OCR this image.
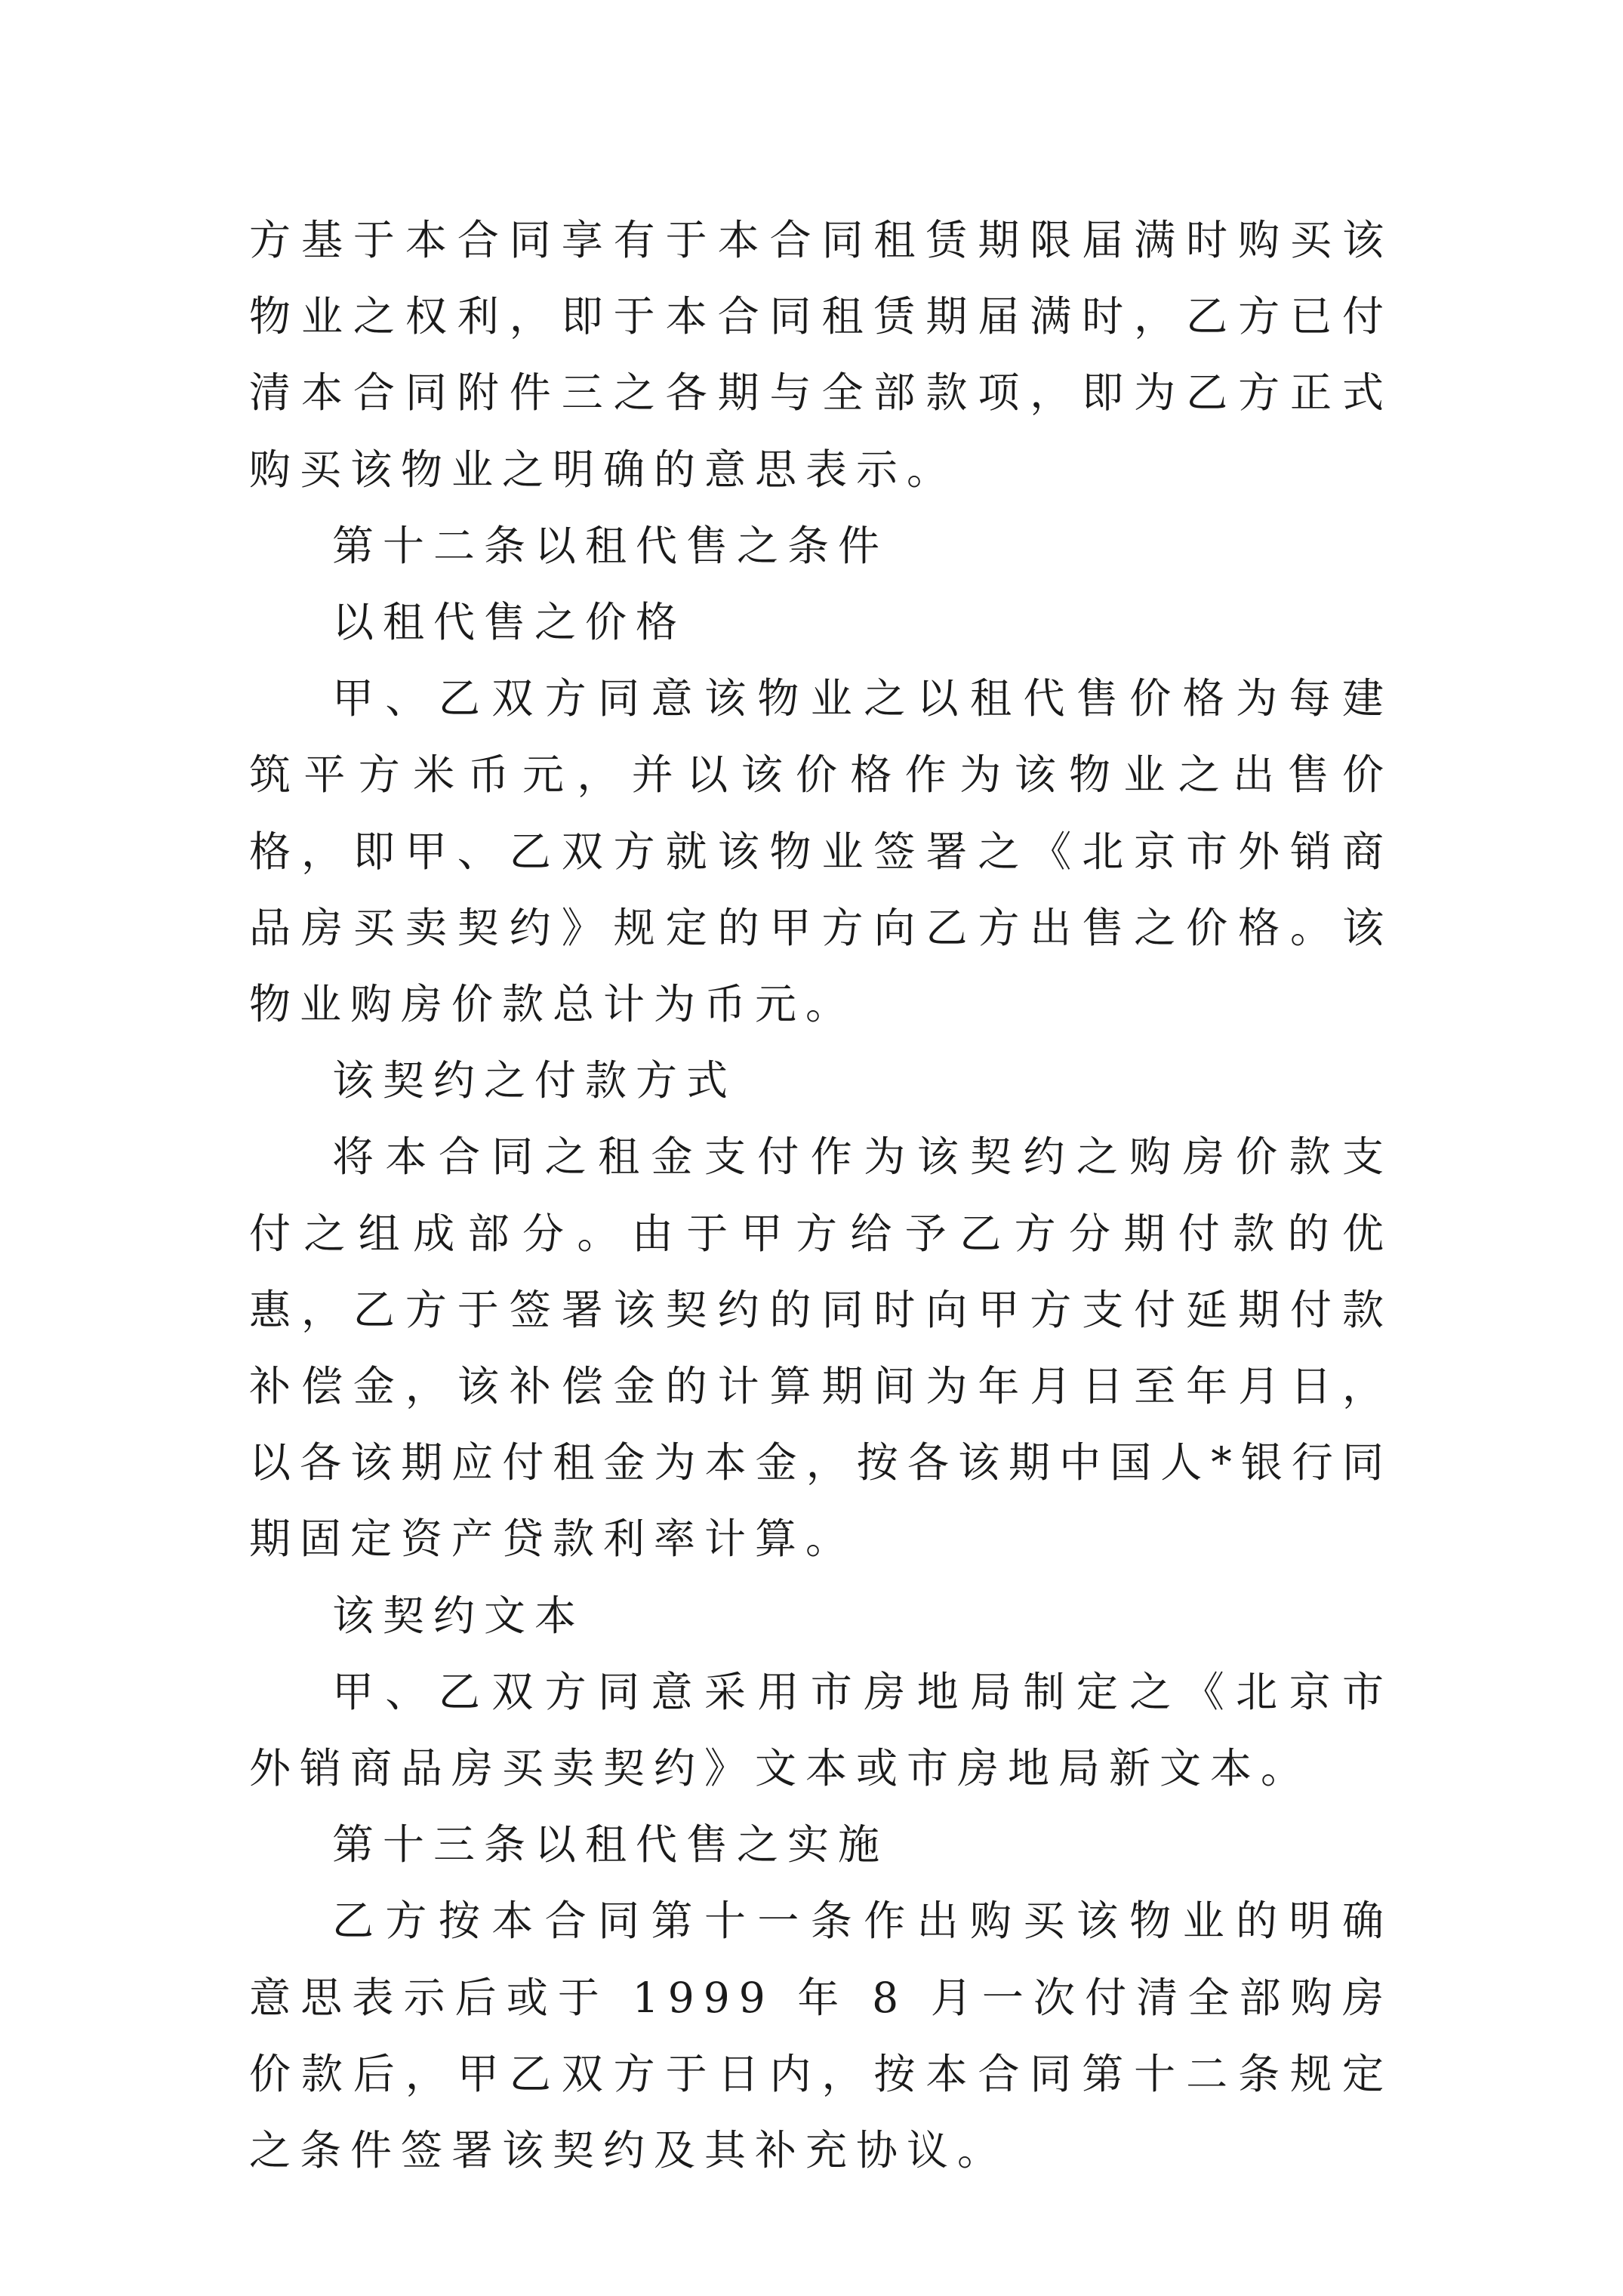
方基于本合同享有于本合同租赁期限届满时购买该物业之权利，即于本合同租赁期届满时，乙方已付清本合同附件三之各期与全部款项，即为乙方正式购买该物业之明确的意思表示。

第十二条以租代售之条件

以租代售之价格

甲、乙双方同意该物业之以租代售价格为每建筑平方米币元，并以该价格作为该物业之出售价格，即甲、乙双方就该物业签署之《北京市外销商品房买卖契约》规定的甲方向乙方出售之价格。该物业购房价款总计为币元。

该契约之付款方式

将本合同之租金支付作为该契约之购房价款支付之组成部分。由于甲方给予乙方分期付款的优惠，乙方于签署该契约的同时向甲方支付延期付款补偿金，该补偿金的计算期间为年月日至年月日，以各该期应付租金为本金，按各该期中国人*银行同期固定资产贷款利率计算。

该契约文本

甲、乙双方同意采用市房地局制定之《北京市外销商品房买卖契约》文本或市房地局新文本。

第十三条以租代售之实施

乙方按本合同第十一条作出购买该物业的明确意思表示后或于 1999 年 8 月一次付清全部购房价款后，甲乙双方于日内，按本合同第十二条规定之条件签署该契约及其补充协议。
